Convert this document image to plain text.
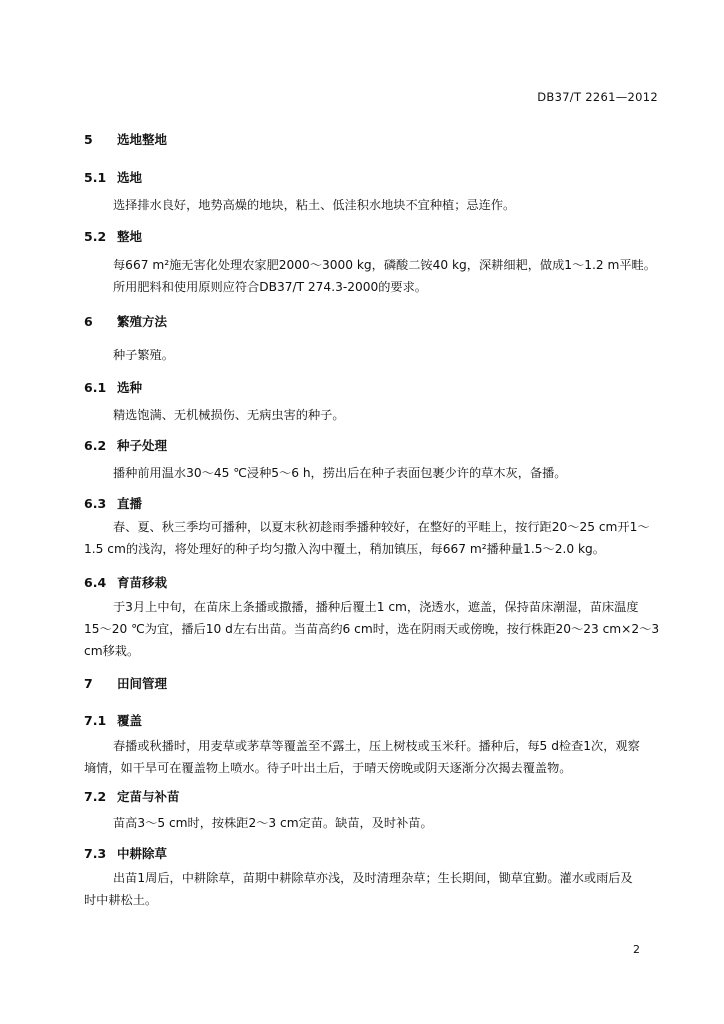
DB37/T 2261—2012
5 选地整地
5.1 选地
选择排水良好，地势高燥的地块，粘土、低洼积水地块不宜种植；忌连作。
5.2 整地
每667 m²施无害化处理农家肥2000～3000 kg，磷酸二铵40 kg，深耕细耙，做成1～1.2 m平畦。
所用肥料和使用原则应符合DB37/T 274.3-2000的要求。
6 繁殖方法
种子繁殖。
6.1 选种
精选饱满、无机械损伤、无病虫害的种子。
6.2 种子处理
播种前用温水30～45 ℃浸种5～6 h，捞出后在种子表面包裹少许的草木灰，备播。
6.3 直播
春、夏、秋三季均可播种，以夏末秋初趁雨季播种较好，在整好的平畦上，按行距20～25 cm开1～
1.5 cm的浅沟，将处理好的种子均匀撒入沟中覆土，稍加镇压，每667 m²播种量1.5～2.0 kg。
6.4 育苗移栽
于3月上中旬，在苗床上条播或撒播，播种后覆土1 cm，浇透水，遮盖，保持苗床潮湿，苗床温度
15～20 ℃为宜，播后10 d左右出苗。当苗高约6 cm时，选在阴雨天或傍晚，按行株距20～23 cm×2～3
cm移栽。
7 田间管理
7.1 覆盖
春播或秋播时，用麦草或茅草等覆盖至不露土，压上树枝或玉米秆。播种后，每5 d检查1次，观察
墒情，如干旱可在覆盖物上喷水。待子叶出土后，于晴天傍晚或阴天逐渐分次揭去覆盖物。
7.2 定苗与补苗
苗高3～5 cm时，按株距2～3 cm定苗。缺苗，及时补苗。
7.3 中耕除草
出苗1周后，中耕除草，苗期中耕除草亦浅，及时清理杂草；生长期间，锄草宜勤。灌水或雨后及
时中耕松土。
2
